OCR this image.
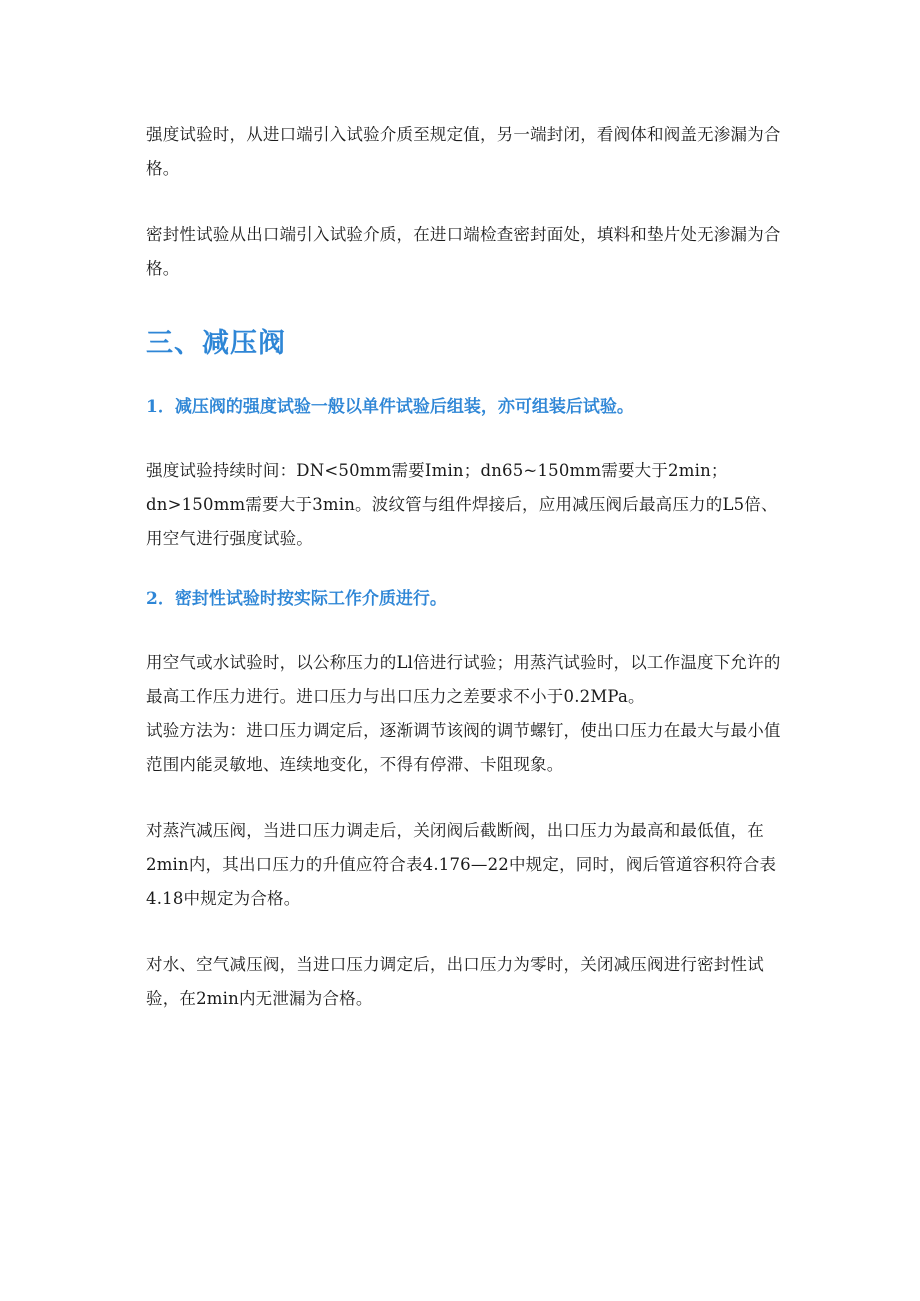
强度试验时，从进口端引入试验介质至规定值，另一端封闭，看阀体和阀盖无渗漏为合格。

密封性试验从出口端引入试验介质，在进口端检查密封面处，填料和垫片处无渗漏为合格。

三、减压阀
1．减压阀的强度试验一般以单件试验后组装，亦可组装后试验。

强度试验持续时间：DN<50mm需要Imin；dn65~150mm需要大于2min；dn>150mm需要大于3min。波纹管与组件焊接后，应用减压阀后最高压力的L5倍、用空气进行强度试验。

2．密封性试验时按实际工作介质进行。

用空气或水试验时，以公称压力的Ll倍进行试验；用蒸汽试验时，以工作温度下允许的最高工作压力进行。进口压力与出口压力之差要求不小于0.2MPa。

试验方法为：进口压力调定后，逐渐调节该阀的调节螺钉，使出口压力在最大与最小值范围内能灵敏地、连续地变化，不得有停滞、卡阻现象。

对蒸汽减压阀，当进口压力调走后，关闭阀后截断阀，出口压力为最高和最低值，在2min内，其出口压力的升值应符合表4.176—22中规定，同时，阀后管道容积符合表4.18中规定为合格。

对水、空气减压阀，当进口压力调定后，出口压力为零时，关闭减压阀进行密封性试验，在2min内无泄漏为合格。
